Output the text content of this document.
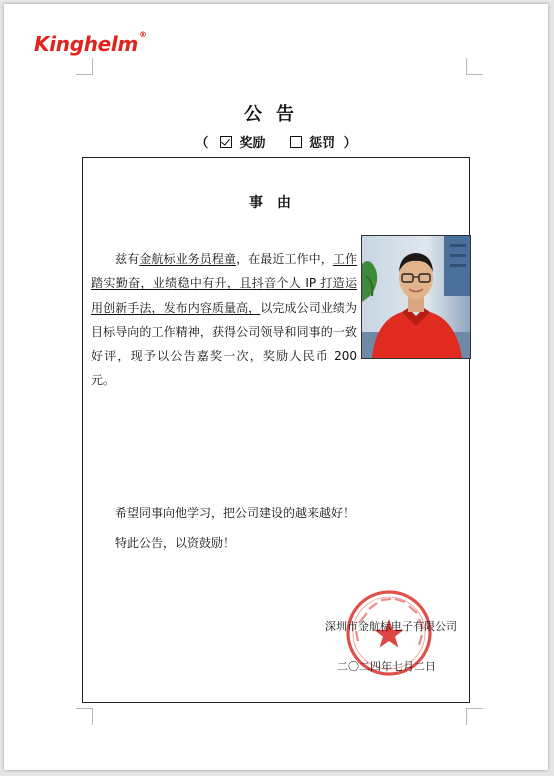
Kinghelm®
公告
（ 奖励	惩罚 ）
事由
兹有金航标业务员程童，在最近工作中，工作踏实勤奋，业绩稳中有升，且抖音个人 IP 打造运用创新手法，发布内容质量高，以完成公司业绩为目标导向的工作精神，获得公司领导和同事的一致好评，现予以公告嘉奖一次，奖励人民币 200 元。
希望同事向他学习，把公司建设的越来越好！
特此公告，以资鼓励！
深圳市金航标电子有限公司
二〇二四年七月二日
